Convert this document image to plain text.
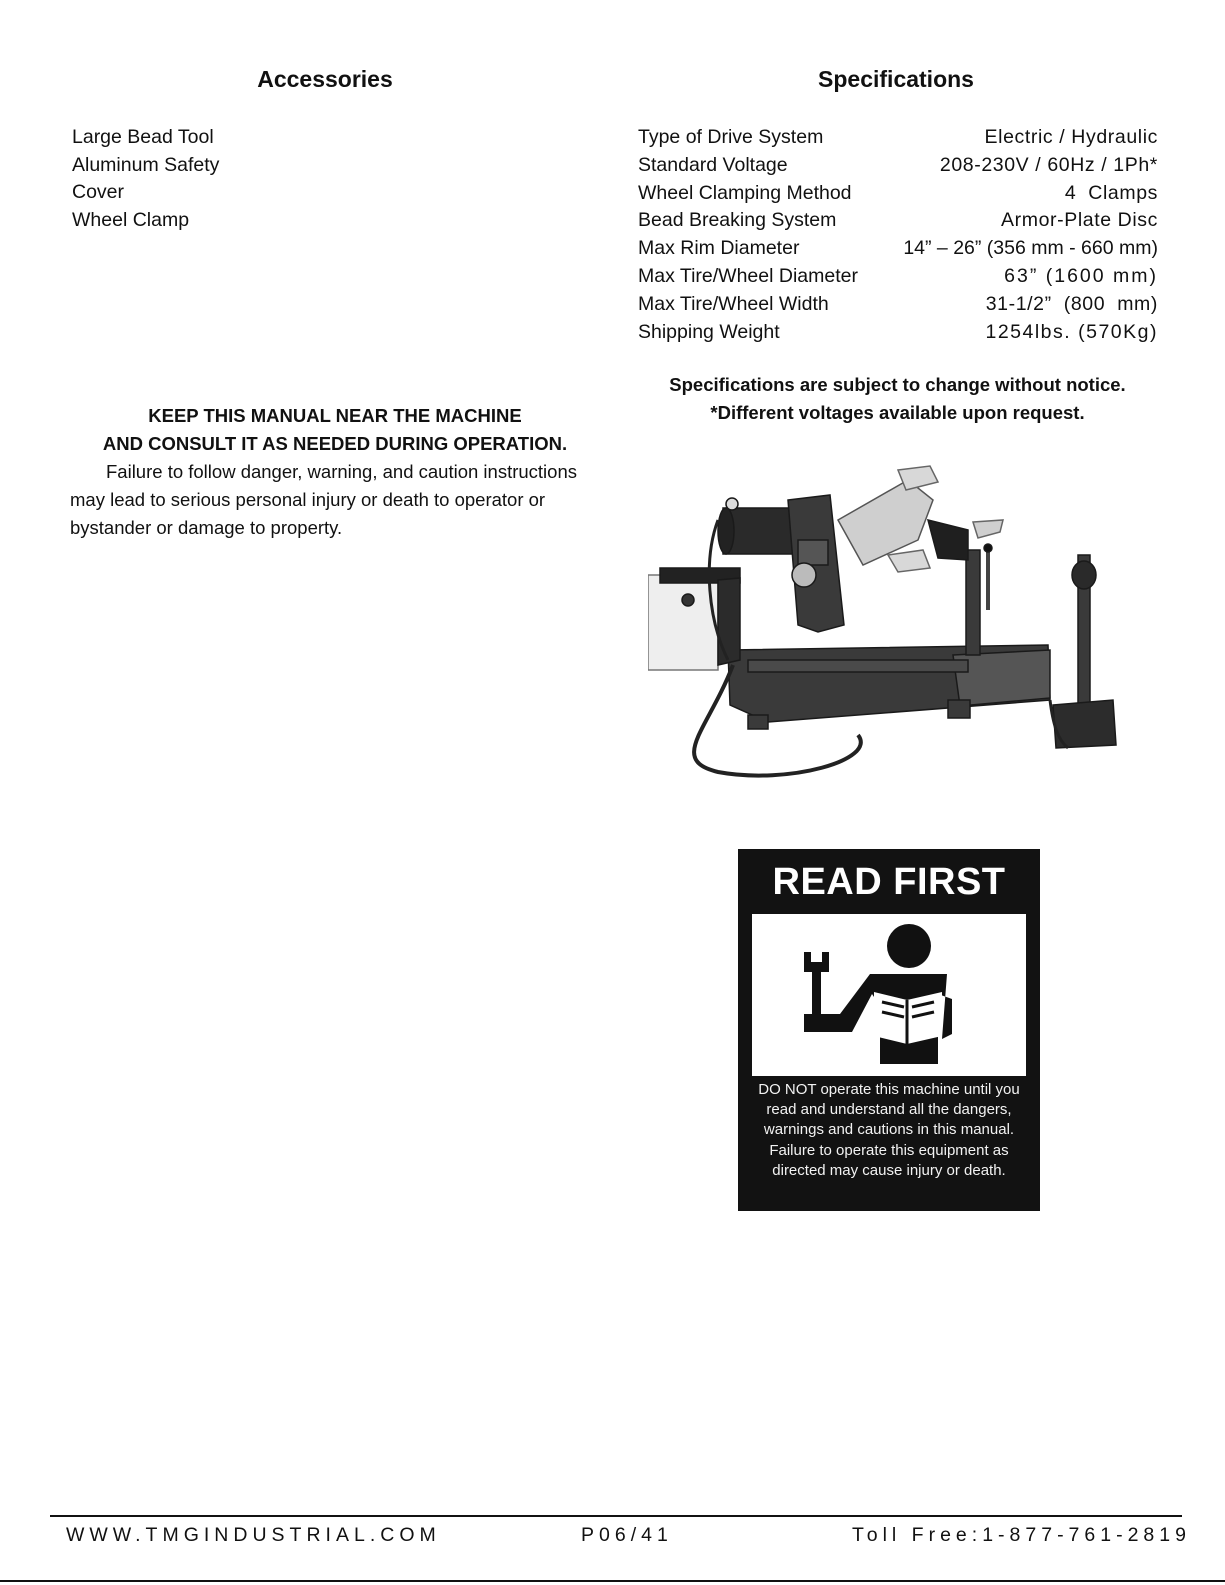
Accessories	Specifications
Large Bead Tool
Aluminum Safety
Cover
Wheel Clamp
Type of Drive System	Electric / Hydraulic
Standard Voltage	208-230V / 60Hz / 1Ph*
Wheel Clamping Method	4  Clamps
Bead Breaking System	Armor-Plate Disc
Max Rim Diameter	14” – 26” (356 mm - 660 mm)
Max Tire/Wheel Diameter	63” (1600 mm)
Max Tire/Wheel Width	31-1/2”  (800  mm)
Shipping Weight	1254lbs. (570Kg)
Specifications are subject to change without notice.
*Different voltages available upon request.
KEEP THIS MANUAL NEAR THE MACHINE
AND CONSULT IT AS NEEDED DURING OPERATION.

Failure to follow danger, warning, and caution instructions may lead to serious personal injury or death to operator or bystander or damage to property.

READ FIRST
DO NOT operate this machine until you read and understand all the dangers, warnings and cautions in this manual. Failure to operate this equipment as directed may cause injury or death.
WWW.TMGINDUSTRIAL.COM	P06/41	Toll Free:1-877-761-2819
